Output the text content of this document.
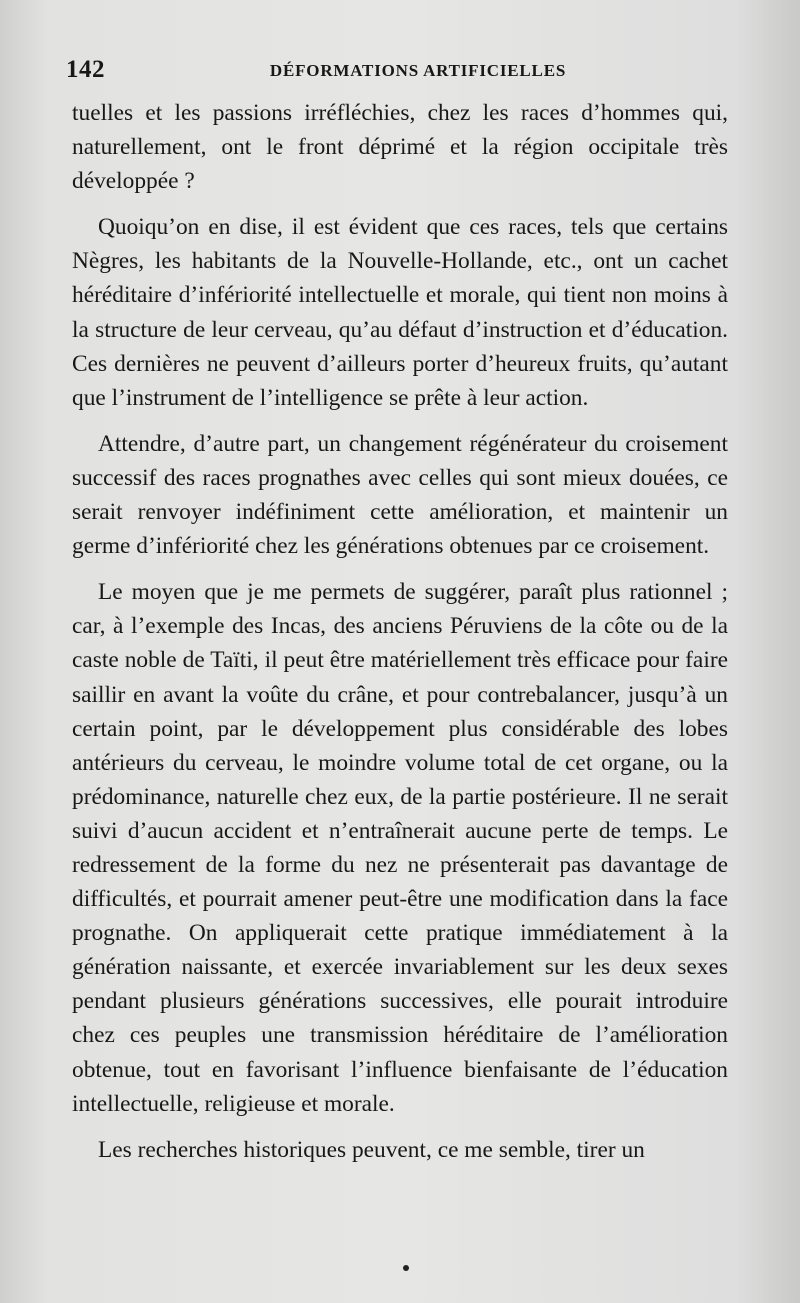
142	DÉFORMATIONS ARTIFICIELLES

tuelles et les passions irréfléchies, chez les races d’hommes qui, naturellement, ont le front déprimé et la région occipitale très développée ?

Quoiqu’on en dise, il est évident que ces races, tels que certains Nègres, les habitants de la Nouvelle-Hollande, etc., ont un cachet héréditaire d’infériorité intellectuelle et morale, qui tient non moins à la structure de leur cerveau, qu’au défaut d’instruction et d’éducation. Ces dernières ne peuvent d’ailleurs porter d’heureux fruits, qu’autant que l’instrument de l’intelligence se prête à leur action.

Attendre, d’autre part, un changement régénérateur du croisement successif des races prognathes avec celles qui sont mieux douées, ce serait renvoyer indéfiniment cette amélioration, et maintenir un germe d’infériorité chez les générations obtenues par ce croisement.

Le moyen que je me permets de suggérer, paraît plus rationnel ; car, à l’exemple des Incas, des anciens Péruviens de la côte ou de la caste noble de Taïti, il peut être matériellement très efficace pour faire saillir en avant la voûte du crâne, et pour contrebalancer, jusqu’à un certain point, par le développement plus considérable des lobes antérieurs du cerveau, le moindre volume total de cet organe, ou la prédominance, naturelle chez eux, de la partie postérieure. Il ne serait suivi d’aucun accident et n’entraînerait aucune perte de temps. Le redressement de la forme du nez ne présenterait pas davantage de difficultés, et pourrait amener peut-être une modification dans la face prognathe. On appliquerait cette pratique immédiatement à la génération naissante, et exercée invariablement sur les deux sexes pendant plusieurs générations successives, elle pourait introduire chez ces peuples une transmission héréditaire de l’amélioration obtenue, tout en favorisant l’influence bienfaisante de l’éducation intellectuelle, religieuse et morale.

Les recherches historiques peuvent, ce me semble, tirer un
